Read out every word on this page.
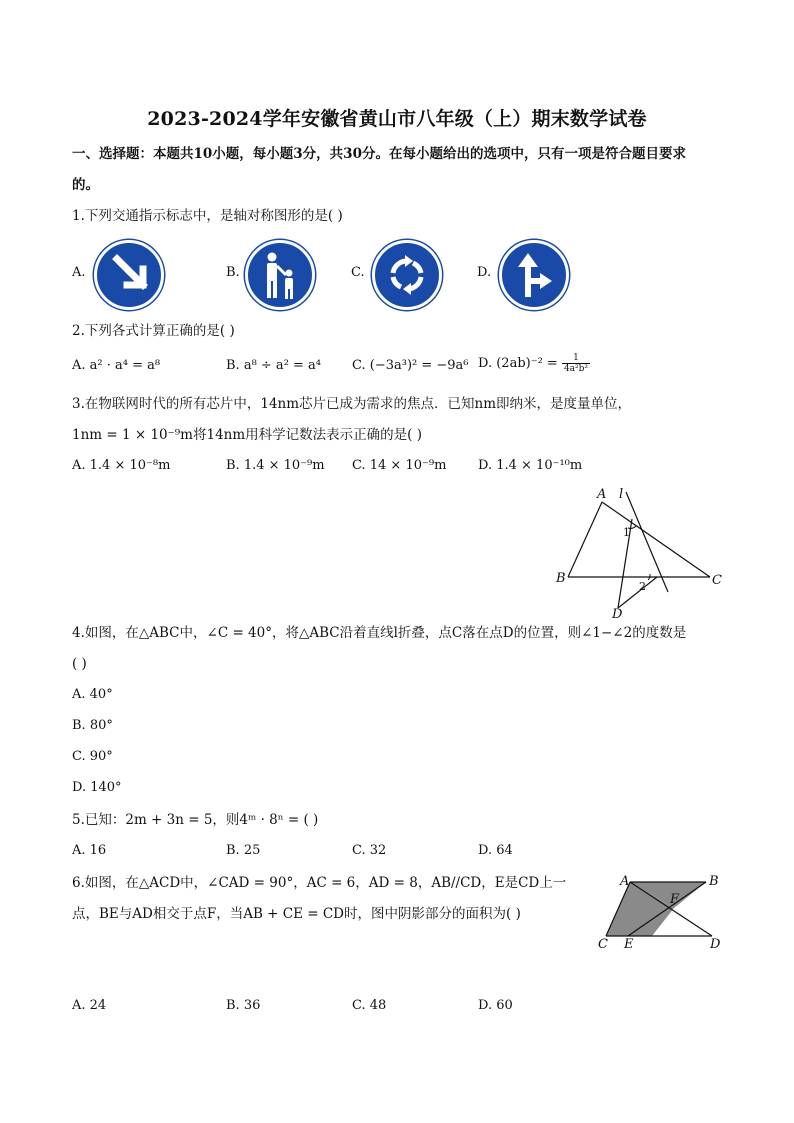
2023-2024学年安徽省黄山市八年级（上）期末数学试卷
一、选择题：本题共10小题，每小题3分，共30分。在每小题给出的选项中，只有一项是符合题目要求
的。
1.下列交通指示标志中，是轴对称图形的是( )
A.	B.	C.	D.
2.下列各式计算正确的是( )
A. a² · a⁴ = a⁸	B. a⁸ ÷ a² = a⁴ C. (−3a³)² = −9a⁶ D. $(2ab)^{-2} = \frac{1}{\text{4a²b²}}$
3.在物联网时代的所有芯片中，14nm芯片已成为需求的焦点．已知nm即纳米，是度量单位，
1nm = 1 × 10⁻⁹m将14nm用科学记数法表示正确的是( )
A. 1.4 × 10⁻⁸m	B. 1.4 × 10⁻⁹m C. 14 × 10⁻⁹m D. 1.4 × 10⁻¹⁰m
A l
B	C
D
1
2
4.如图，在△ABC中，∠C = 40°，将△ABC沿着直线l折叠，点C落在点D的位置，则∠1−∠2的度数是
( )
A. 40°
B. 80°
C. 90°
D. 140°
5.已知：2m + 3n = 5，则4ᵐ · 8ⁿ = ( )
A. 16	B. 25	C. 32	D. 64
6.如图，在△ACD中，∠CAD = 90°，AC = 6，AD = 8，AB//CD，E是CD上一
点，BE与AD相交于点F，当AB + CE = CD时，图中阴影部分的面积为( )
A	B
C E	D
F
A. 24	B. 36	C. 48	D. 60
